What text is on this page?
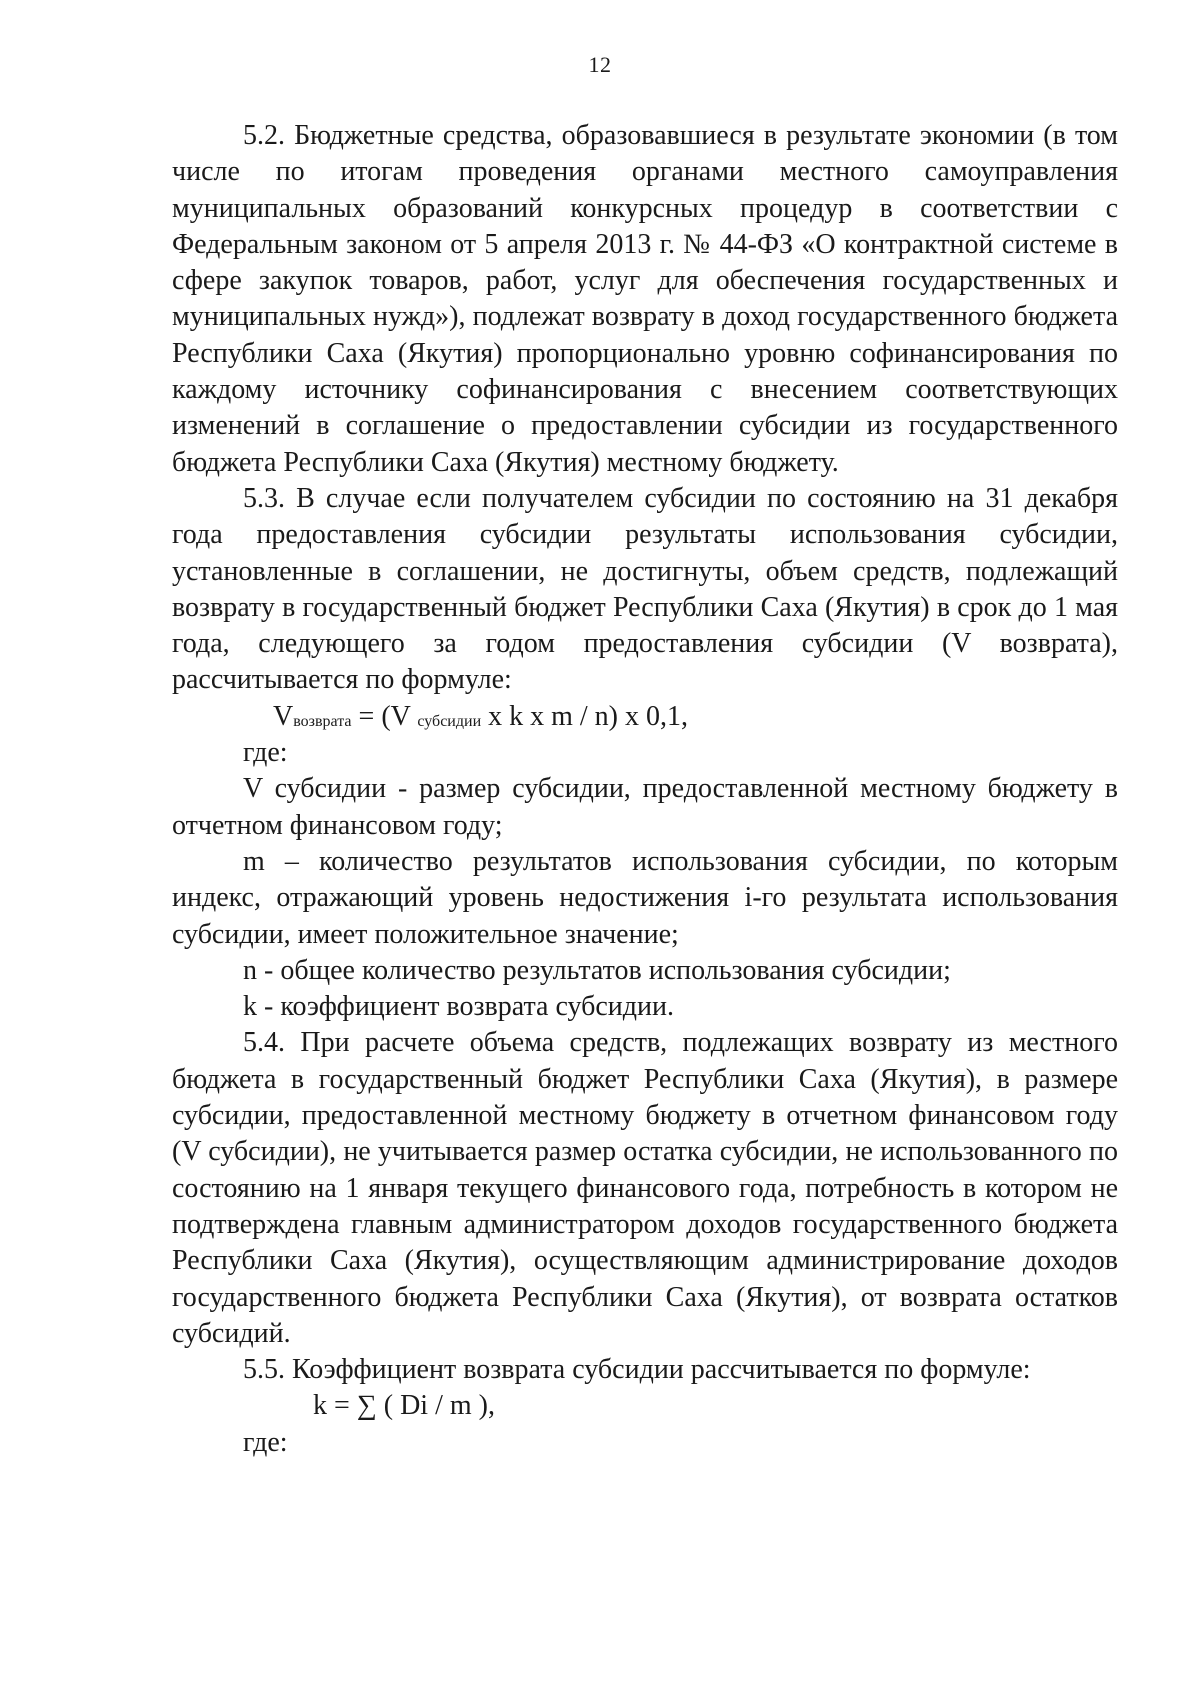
12

5.2. Бюджетные средства, образовавшиеся в результате экономии (в том числе по итогам проведения органами местного самоуправления муниципальных образований конкурсных процедур в соответствии с Федеральным законом от 5 апреля 2013 г. № 44-ФЗ «О контрактной системе в сфере закупок товаров, работ, услуг для обеспечения государственных и муниципальных нужд»), подлежат возврату в доход государственного бюджета Республики Саха (Якутия) пропорционально уровню софинансирования по каждому источнику софинансирования с внесением соответствующих изменений в соглашение о предоставлении субсидии из государственного бюджета Республики Саха (Якутия) местному бюджету.

5.3. В случае если получателем субсидии по состоянию на 31 декабря года предоставления субсидии результаты использования субсидии, установленные в соглашении, не достигнуты, объем средств, подлежащий возврату в государственный бюджет Республики Саха (Якутия) в срок до 1 мая года, следующего за годом предоставления субсидии (V возврата), рассчитывается по формуле:

$V_{возврата} = (V$ $_{субсидии}$ x k x m / n) x 0,1,

где:

V субсидии - размер субсидии, предоставленной местному бюджету в отчетном финансовом году;

m – количество результатов использования субсидии, по которым индекс, отражающий уровень недостижения i-го результата использования субсидии, имеет положительное значение;

n - общее количество результатов использования субсидии;

k - коэффициент возврата субсидии.

5.4. При расчете объема средств, подлежащих возврату из местного бюджета в государственный бюджет Республики Саха (Якутия), в размере субсидии, предоставленной местному бюджету в отчетном финансовом году (V субсидии), не учитывается размер остатка субсидии, не использованного по состоянию на 1 января текущего финансового года, потребность в котором не подтверждена главным администратором доходов государственного бюджета Республики Саха (Якутия), осуществляющим администрирование доходов государственного бюджета Республики Саха (Якутия), от возврата остатков субсидий.

5.5. Коэффициент возврата субсидии рассчитывается по формуле:

k = ∑ ( Di / m ),

где:
